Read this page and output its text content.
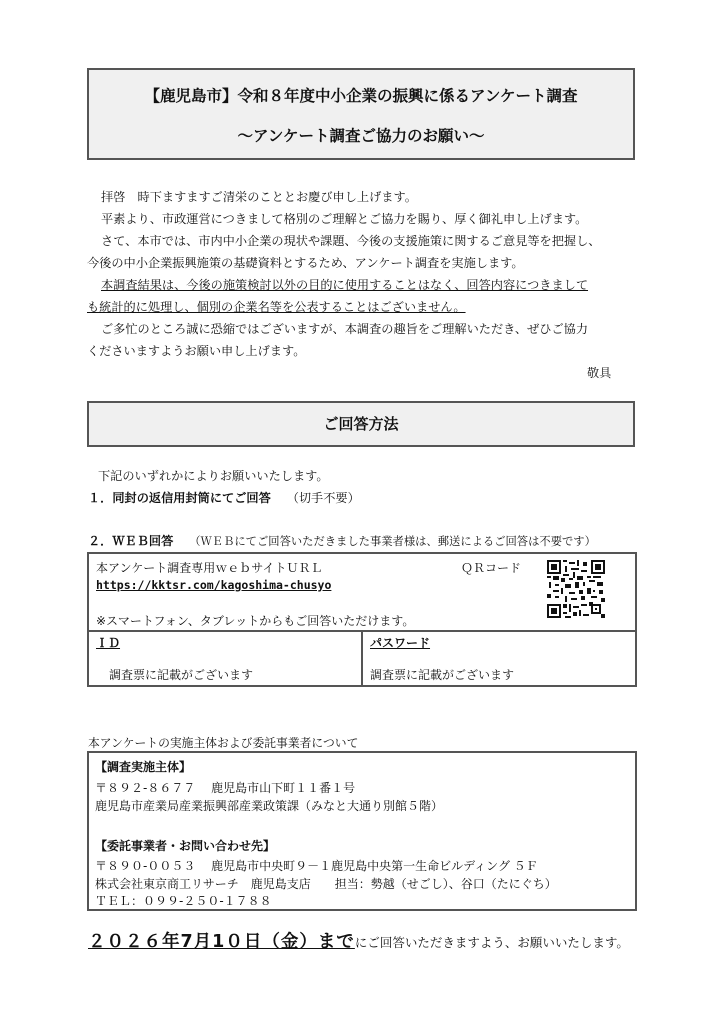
【鹿児島市】令和８年度中小企業の振興に係るアンケート調査
～アンケート調査ご協力のお願い～

拝啓　時下ますますご清栄のこととお慶び申し上げます。

平素より、市政運営につきまして格別のご理解とご協力を賜り、厚く御礼申し上げます。

さて、本市では、市内中小企業の現状や課題、今後の支援施策に関するご意見等を把握し、

今後の中小企業振興施策の基礎資料とするため、アンケート調査を実施します。

本調査結果は、今後の施策検討以外の目的に使用することはなく、回答内容につきまして

も統計的に処理し、個別の企業名等を公表することはございません。

ご多忙のところ誠に恐縮ではございますが、本調査の趣旨をご理解いただき、ぜひご協力

くださいますようお願い申し上げます。

敬具
ご回答方法
下記のいずれかによりお願いいたします。
１．同封の返信用封筒にてご回答 （切手不要）
２．ＷＥＢ回答 （ＷＥＢにてご回答いただきました事業者様は、郵送によるご回答は不要です）
本アンケート調査専用ｗｅｂサイトＵＲＬ
https://kktsr.com/kagoshima-chusyo
ＱＲコード
※スマートフォン、タブレットからもご回答いただけます。
ＩＤ
調査票に記載がございます
パスワード
調査票に記載がございます
本アンケートの実施主体および委託事業者について
【調査実施主体】
〒８９２-８６７７　 鹿児島市山下町１１番１号
鹿児島市産業局産業振興部産業政策課（みなと大通り別館５階）
【委託事業者・お問い合わせ先】
〒８９０-００５３　 鹿児島市中央町９－１鹿児島中央第一生命ビルディング ５Ｆ
株式会社東京商工リサーチ　鹿児島支店　　担当：勢越（せごし）、谷口（たにぐち）
ＴＥＬ：０９９-２５０-１７８８
２０２６年7月1０日（金）までにご回答いただきますよう、お願いいたします。
